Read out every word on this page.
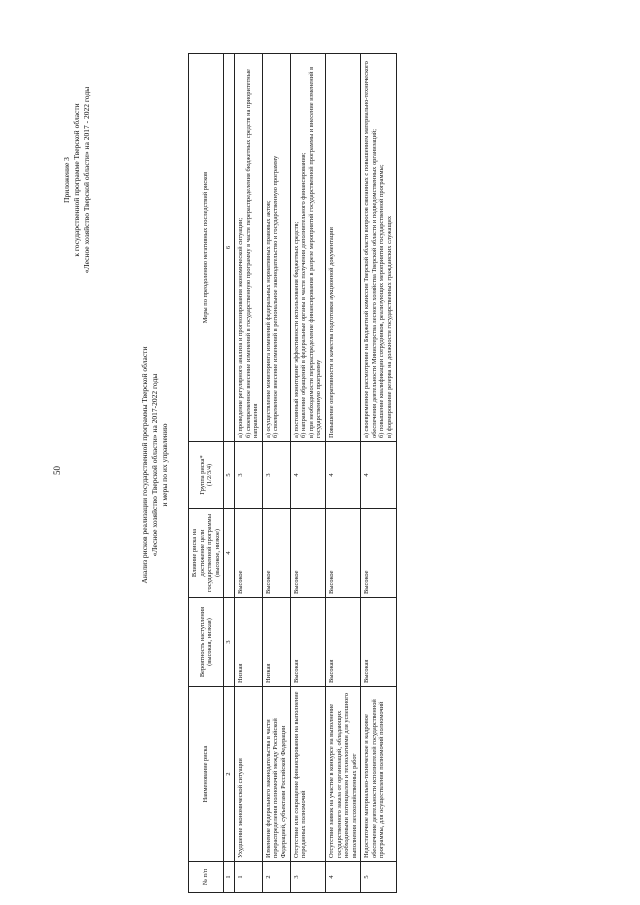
50
Приложение 3 к государственной программе Тверской области «Лесное хозяйство Тверской области» на 2017 - 2022 годы
Анализ рисков реализации государственной программы Тверской области «Лесное хозяйство Тверской области» на 2017-2022 годы и меры по их управлению
№ п/п	Наименование риска	Вероятность наступления (высокая, низкая)	Влияние риска на достижение цели государственной программы (высокое, низкое)	Группа риска* (1/2/3/4)	Меры по преодолению негативных последствий рисков
1	2	3	4	5	6
1	Ухудшение экономической ситуации	Низкая	Высокое	3	а) проведение регулярного анализа и прогнозирования экономической ситуации; б) своевременное внесение изменений в государственную программу в части перераспределения бюджетных средств на приоритетные направления

2	Изменение федерального законодательства в части перераспределения полномочий между Российской Федерацией, субъектами Российской Федерации	Низкая	Высокое	3	а) осуществление мониторинга изменений федеральных нормативных правовых актов; б) своевременное внесение изменений в региональное законодательство и государственную программу

3	Отсутствие или сокращение финансирования на выполнение переданных полномочий	Высокая	Высокое	4	а) постоянный мониторинг эффективности использования бюджетных средств; б) направление обращений в федеральные органы в части получения дополнительного финансирования; в) при необходимости перераспределение финансирования в разрезе мероприятий государственной программы и внесение изменений в государственную программу

4	Отсутствие заявок на участие в конкурсе на выполнение государственного заказа от организаций, обладающих необходимыми потенциалом и технологиями для успешного выполнения лесохозяйственных работ	Высокая	Высокое	4	Повышение оперативности и качества подготовки аукционной документации

5	Недостаточное материально-техническое и кадровое обеспечение деятельности исполнителей государственной программы, для осуществления полномочий полномочий	Высокая	Высокое	4	а) своевременное рассмотрение на Бюджетной комиссии Тверской области вопросов связанных с повышением материально-технического обеспечения деятельности Министерства лесного хозяйства Тверской области и подведомственных организаций; б) повышение квалификации сотрудников, реализующих мероприятия государственной программы; в) формирование резерва на должности государственных гражданских служащих
